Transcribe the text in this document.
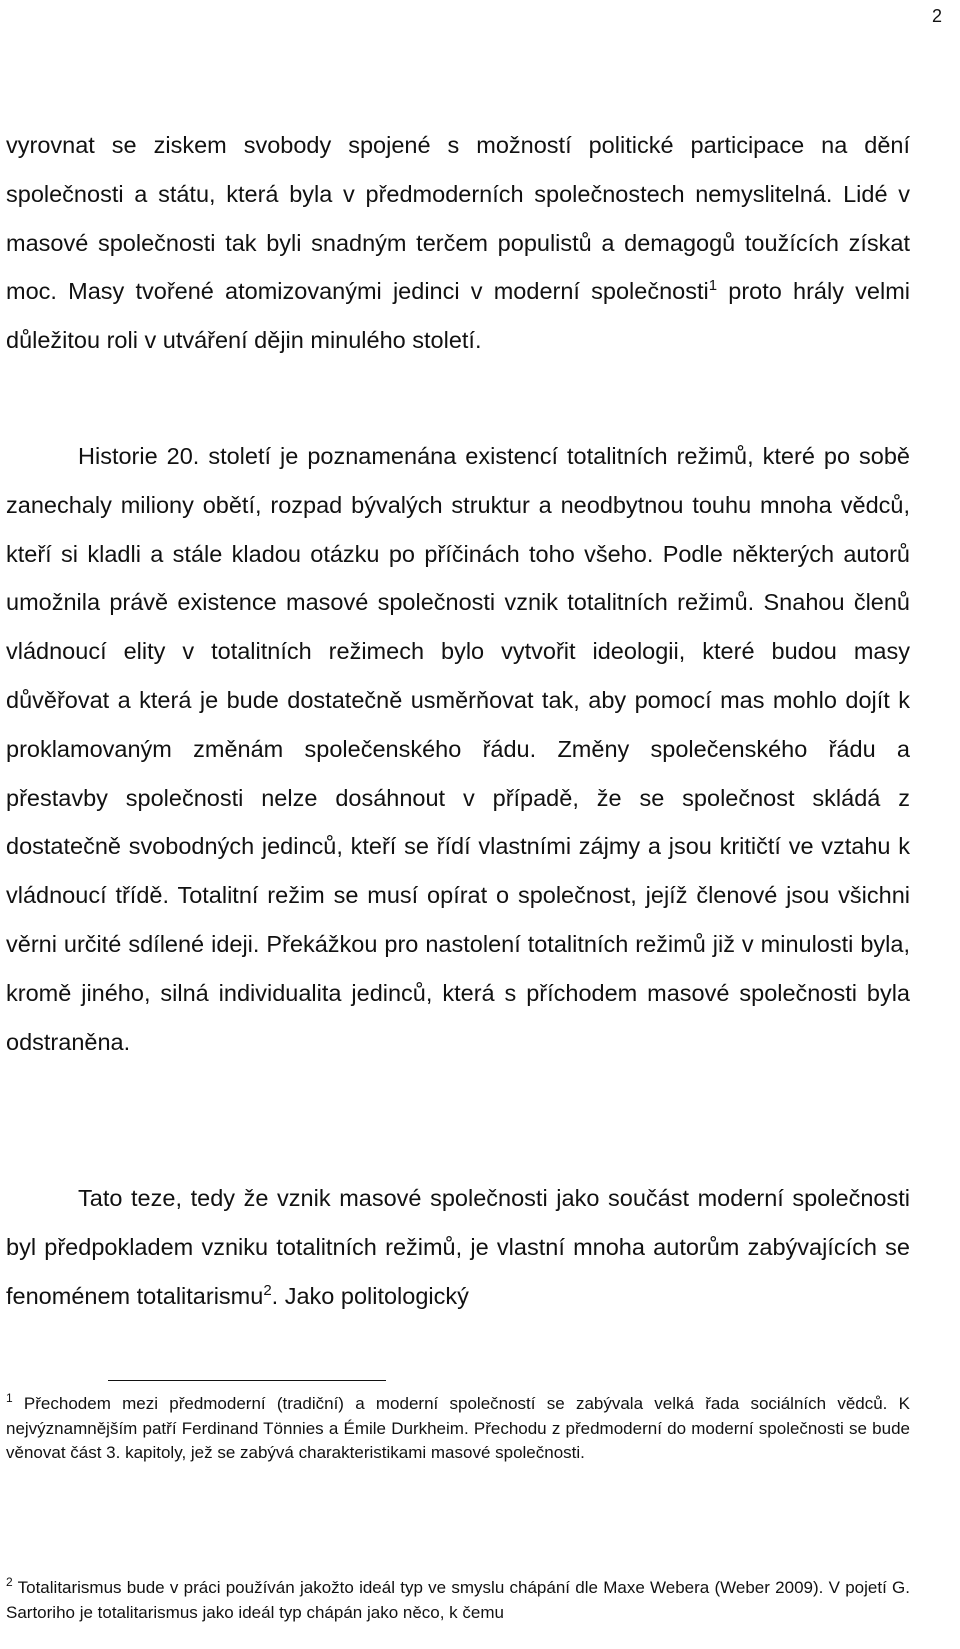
2

vyrovnat se ziskem svobody spojené s možností politické participace na dění společnosti a státu, která byla v předmoderních společnostech nemyslitelná. Lidé v masové společnosti tak byli snadným terčem populistů a demagogů toužících získat moc. Masy tvořené atomizovanými jedinci v moderní společnosti$^1$ proto hrály velmi důležitou roli v utváření dějin minulého století.

Historie 20. století je poznamenána existencí totalitních režimů, které po sobě zanechaly miliony obětí, rozpad bývalých struktur a neodbytnou touhu mnoha vědců, kteří si kladli a stále kladou otázku po příčinách toho všeho. Podle některých autorů umožnila právě existence masové společnosti vznik totalitních režimů. Snahou členů vládnoucí elity v totalitních režimech bylo vytvořit ideologii, které budou masy důvěřovat a která je bude dostatečně usměrňovat tak, aby pomocí mas mohlo dojít k proklamovaným změnám společenského řádu. Změny společenského řádu a přestavby společnosti nelze dosáhnout v případě, že se společnost skládá z dostatečně svobodných jedinců, kteří se řídí vlastními zájmy a jsou kritičtí ve vztahu k vládnoucí třídě. Totalitní režim se musí opírat o společnost, jejíž členové jsou všichni věrni určité sdílené ideji. Překážkou pro nastolení totalitních režimů již v minulosti byla, kromě jiného, silná individualita jedinců, která s příchodem masové společnosti byla odstraněna.

Tato teze, tedy že vznik masové společnosti jako součást moderní společnosti byl předpokladem vzniku totalitních režimů, je vlastní mnoha autorům zabývajících se fenoménem totalitarismu$^2$. Jako politologický

$^1$ Přechodem mezi předmoderní (tradiční) a moderní společností se zabývala velká řada sociálních vědců. K nejvýznamnějším patří Ferdinand Tönnies a Émile Durkheim. Přechodu z předmoderní do moderní společnosti se bude věnovat část 3. kapitoly, jež se zabývá charakteristikami masové společnosti.
$^2$ Totalitarismus bude v práci používán jakožto ideál typ ve smyslu chápání dle Maxe Webera (Weber 2009). V pojetí G. Sartoriho je totalitarismus jako ideál typ chápán jako něco, k čemu
